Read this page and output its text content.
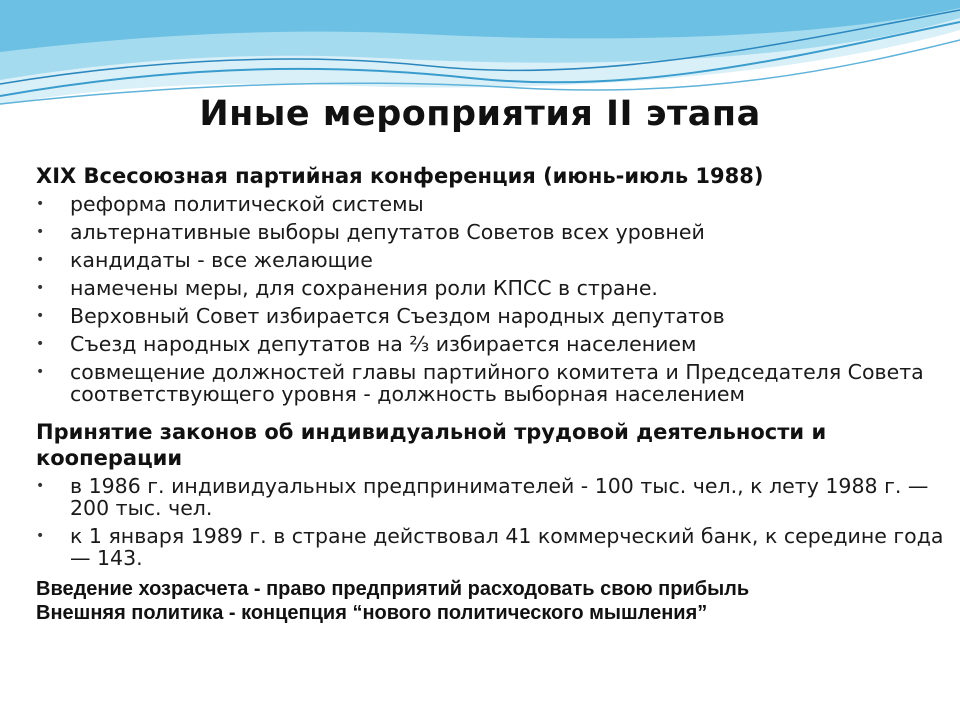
Иные мероприятия II этапа

XIX Всесоюзная партийная конференция (июнь-июль 1988)

• реформа политической системы
• альтернативные выборы депутатов Советов всех уровней
• кандидаты - все желающие
• намечены меры, для сохранения роли КПСС в стране.
• Верховный Совет избирается Съездом народных депутатов
• Съезд народных депутатов на ⅔ избирается населением
• совмещение должностей главы партийного комитета и Председателя Совета соответствующего уровня - должность выборная населением

Принятие законов об индивидуальной трудовой деятельности и кооперации

• в 1986 г. индивидуальных предпринимателей - 100 тыс. чел., к лету 1988 г. — 200 тыс. чел.
• к 1 января 1989 г. в стране действовал 41 коммерческий банк, к середине года — 143.

Введение хозрасчета - право предприятий расходовать свою прибыль

Внешняя политика - концепция “нового политического мышления”
